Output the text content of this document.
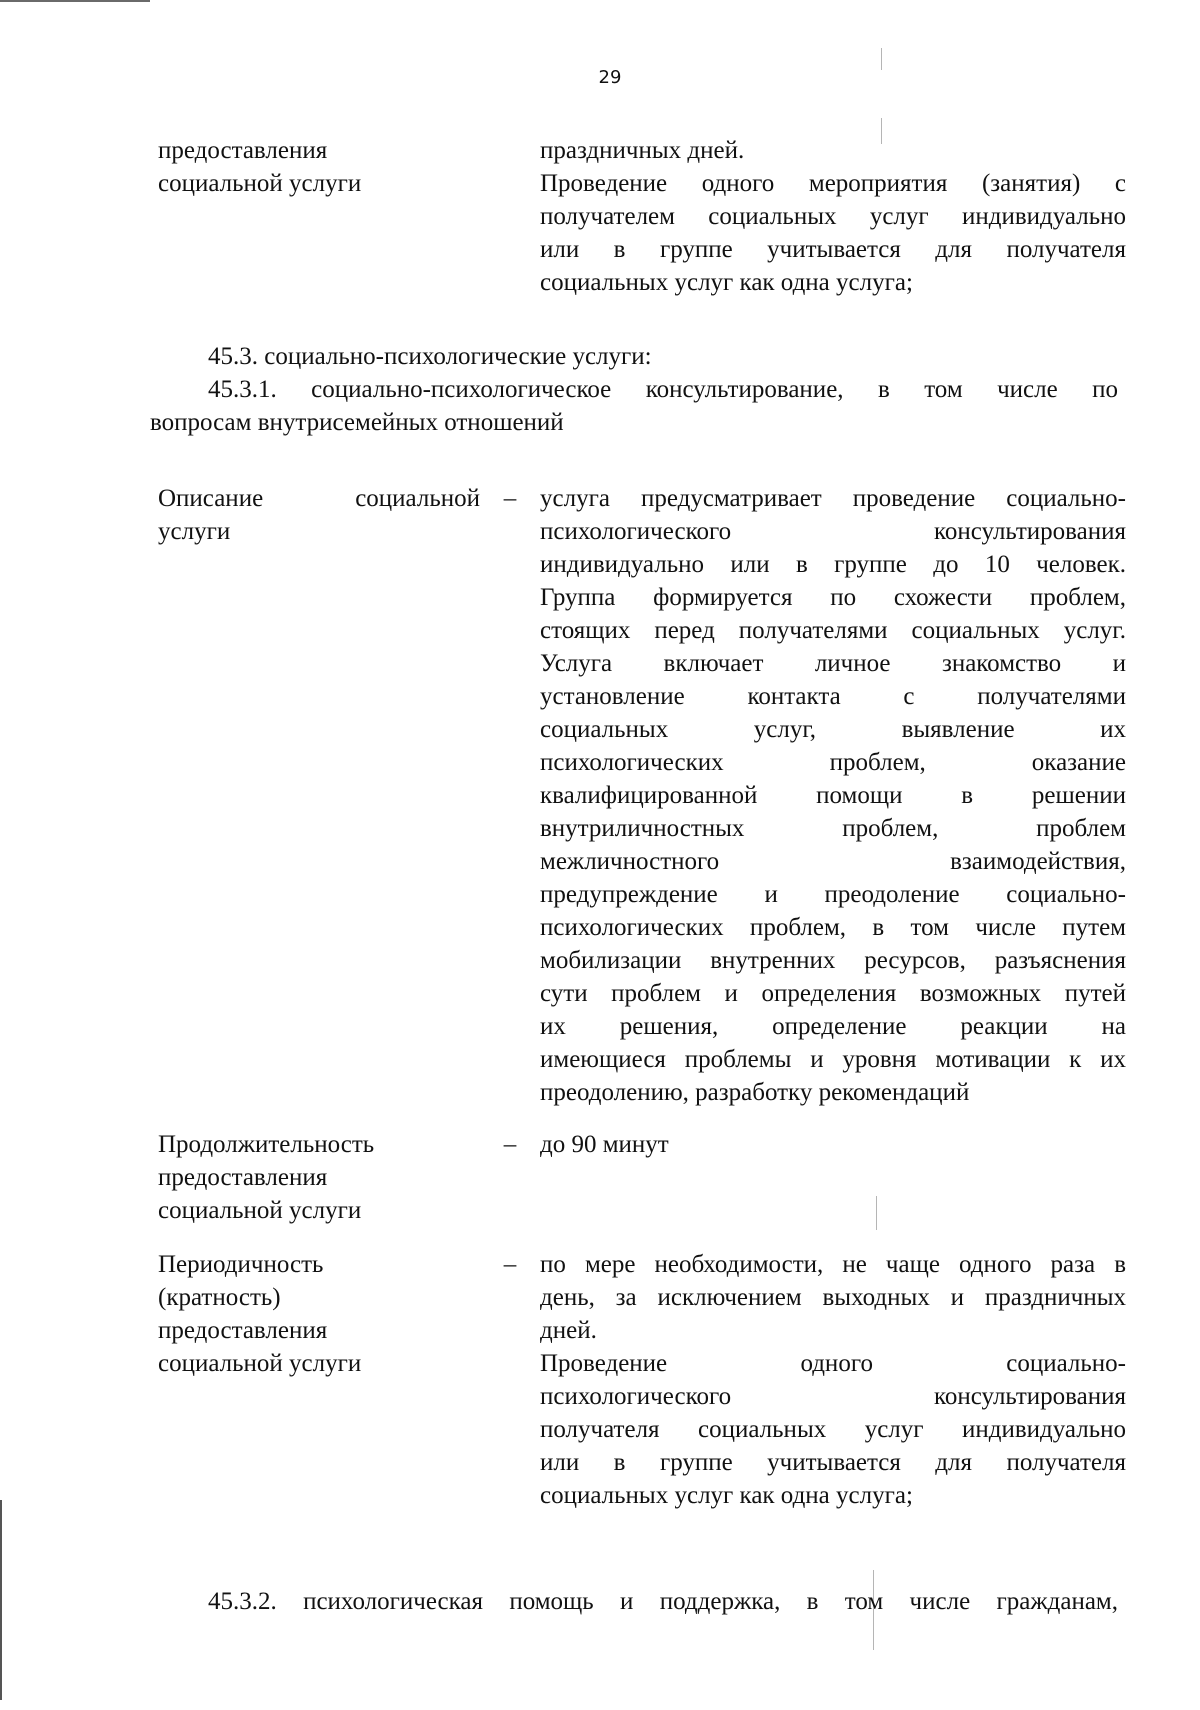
29
предоставления
социальной услуги

праздничных дней.

Проведение одного мероприятия (занятия) с

получателем социальных услуг индивидуально

или в группе учитывается для получателя

социальных услуг как одна услуга;

45.3. социально-психологические услуги:

45.3.1. социально-психологическое консультирование, в том числе по

вопросам внутрисемейных отношений
Описание	социальной
услуги
– услуга предусматривает проведение социально-

психологического консультирования

индивидуально или в группе до 10 человек.

Группа формируется по схожести проблем,

стоящих перед получателями социальных услуг.

Услуга включает личное знакомство и

установление контакта с получателями

социальных услуг, выявление их

психологических проблем, оказание

квалифицированной помощи в решении

внутриличностных проблем, проблем

межличностного взаимодействия,

предупреждение и преодоление социально-

психологических проблем, в том числе путем

мобилизации внутренних ресурсов, разъяснения

сути проблем и определения возможных путей

их решения, определение реакции на

имеющиеся проблемы и уровня мотивации к их

преодолению, разработку рекомендаций

Продолжительность
предоставления
социальной услуги
– до 90 минут

Периодичность
(кратность)
предоставления
социальной услуги
– по мере необходимости, не чаще одного раза в

день, за исключением выходных и праздничных

дней.

Проведение одного социально-

психологического консультирования

получателя социальных услуг индивидуально

или в группе учитывается для получателя

социальных услуг как одна услуга;

45.3.2. психологическая помощь и поддержка, в том числе гражданам,
